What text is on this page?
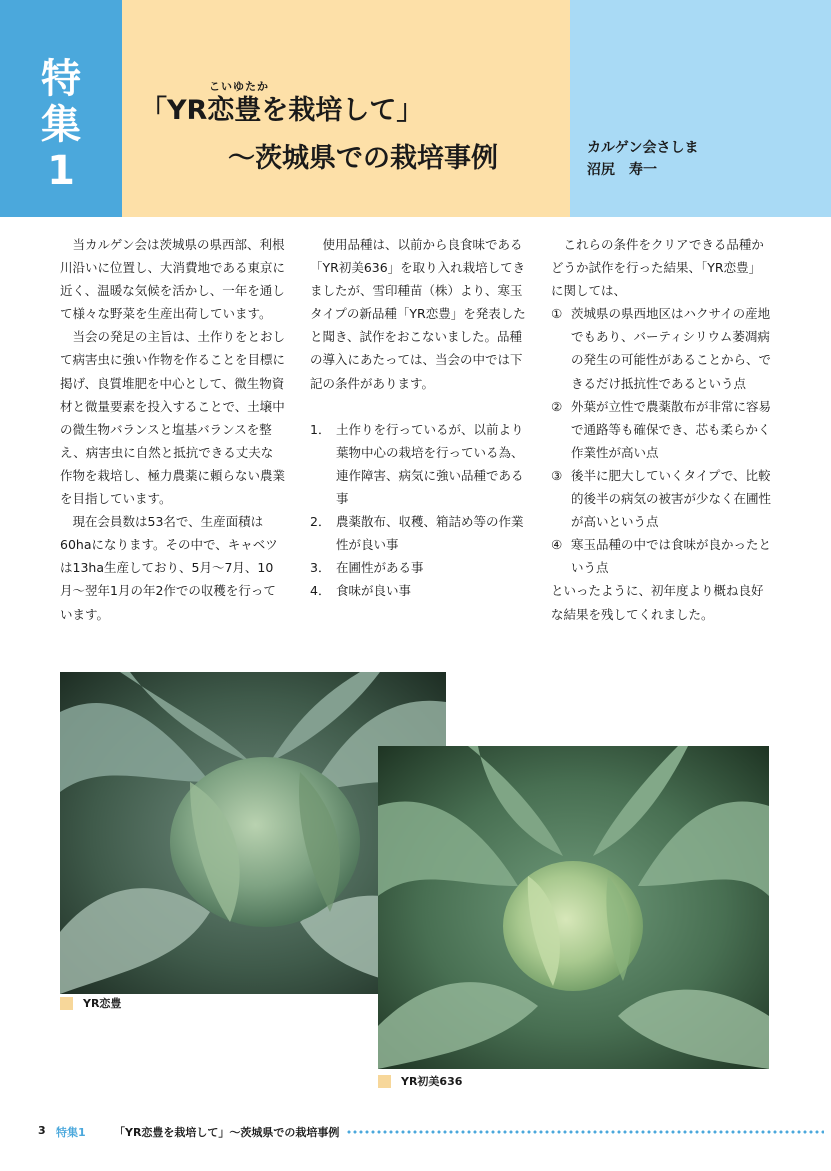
特
集
1
こいゆたか
「YR恋豊を栽培して」
～茨城県での栽培事例	カルゲン会さしま
沼尻　寿一

当カルゲン会は茨城県の県西部、利根川沿いに位置し、大消費地である東京に近く、温暖な気候を活かし、一年を通して様々な野菜を生産出荷しています。

当会の発足の主旨は、土作りをとおして病害虫に強い作物を作ることを目標に掲げ、良質堆肥を中心として、微生物資材と微量要素を投入することで、土壌中の微生物バランスと塩基バランスを整え、病害虫に自然と抵抗できる丈夫な作物を栽培し、極力農薬に頼らない農業を目指しています。

現在会員数は53名で、生産面積は60haになります。その中で、キャベツは13ha生産しており、5月～7月、10月～翌年1月の年2作での収穫を行っています。

使用品種は、以前から良食味である「YR初美636」を取り入れ栽培してきましたが、雪印種苗（株）より、寒玉タイプの新品種「YR恋豊」を発表したと聞き、試作をおこないました。品種の導入にあたっては、当会の中では下記の条件があります。

1． 土作りを行っているが、以前より葉物中心の栽培を行っている為、連作障害、病気に強い品種である事
2． 農薬散布、収穫、箱詰め等の作業性が良い事
3． 在圃性がある事
4． 食味が良い事

これらの条件をクリアできる品種かどうか試作を行った結果、「YR恋豊」に関しては、

① 茨城県の県西地区はハクサイの産地でもあり、バーティシリウム萎凋病の発生の可能性があることから、できるだけ抵抗性であるという点
② 外葉が立性で農薬散布が非常に容易で通路等も確保でき、芯も柔らかく作業性が高い点
③ 後半に肥大していくタイプで、比較的後半の病気の被害が少なく在圃性が高いという点
④ 寒玉品種の中では食味が良かったという点

といったように、初年度より概ね良好な結果を残してくれました。

YR恋豊
YR初美636
3 特集1	「YR恋豊を栽培して」～茨城県での栽培事例
